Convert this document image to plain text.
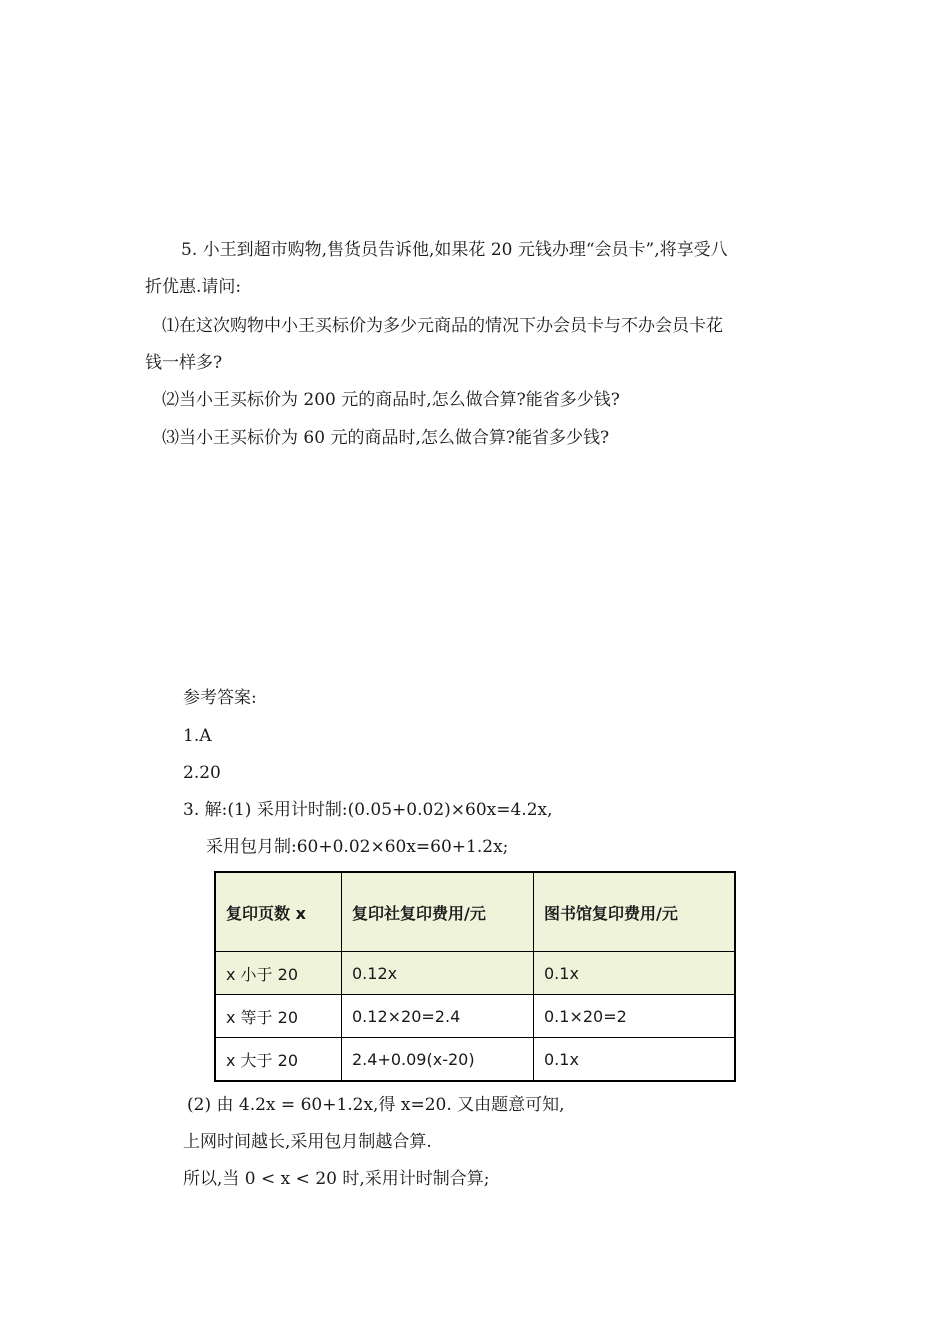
5. 小王到超市购物,售货员告诉他,如果花 20 元钱办理“会员卡”,将享受八
折优惠.请问:
⑴在这次购物中小王买标价为多少元商品的情况下办会员卡与不办会员卡花
钱一样多?
⑵当小王买标价为 200 元的商品时,怎么做合算?能省多少钱?
⑶当小王买标价为 60 元的商品时,怎么做合算?能省多少钱?
参考答案:
1.A
2.20
3. 解:(1) 采用计时制:(0.05+0.02)×60x=4.2x,
采用包月制:60+0.02×60x=60+1.2x;
复印页数 x	复印社复印费用/元	图书馆复印费用/元
x 小于 20	0.12x	0.1x
x 等于 20	0.12×20=2.4	0.1×20=2
x 大于 20	2.4+0.09(x-20)	0.1x
(2) 由 4.2x = 60+1.2x,得 x=20. 又由题意可知,
上网时间越长,采用包月制越合算.
所以,当 0 < x < 20 时,采用计时制合算;
